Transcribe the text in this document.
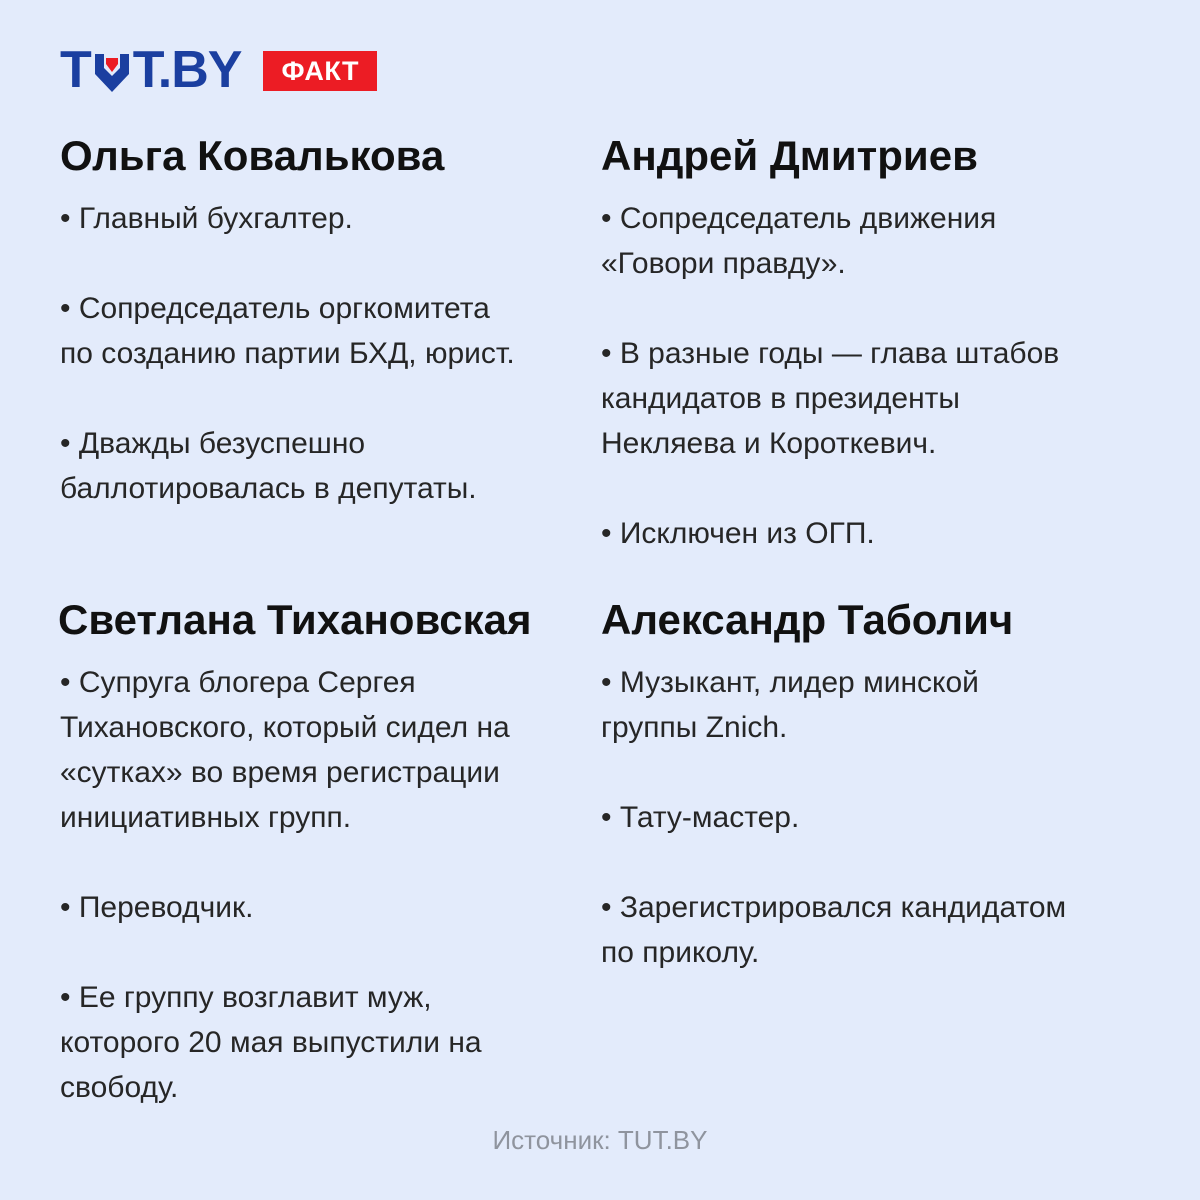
T T.BY	ФАКТ
Ольга Ковалькова
• Главный бухгалтер.
• Сопредседатель оргкомитета
по созданию партии БХД, юрист.
• Дважды безуспешно
баллотировалась в депутаты.
Андрей Дмитриев
• Сопредседатель движения
«Говори правду».
• В разные годы — глава штабов
кандидатов в президенты
Некляева и Короткевич.
• Исключен из ОГП.
Светлана Тихановская
• Супруга блогера Сергея
Тихановского, который сидел на
«сутках» во время регистрации
инициативных групп.
• Переводчик.
• Ее группу возглавит муж,
которого 20 мая выпустили на
свободу.
Александр Таболич
• Музыкант, лидер минской
группы Znich.
• Тату-мастер.
• Зарегистрировался кандидатом
по приколу.
Источник: TUT.BY
